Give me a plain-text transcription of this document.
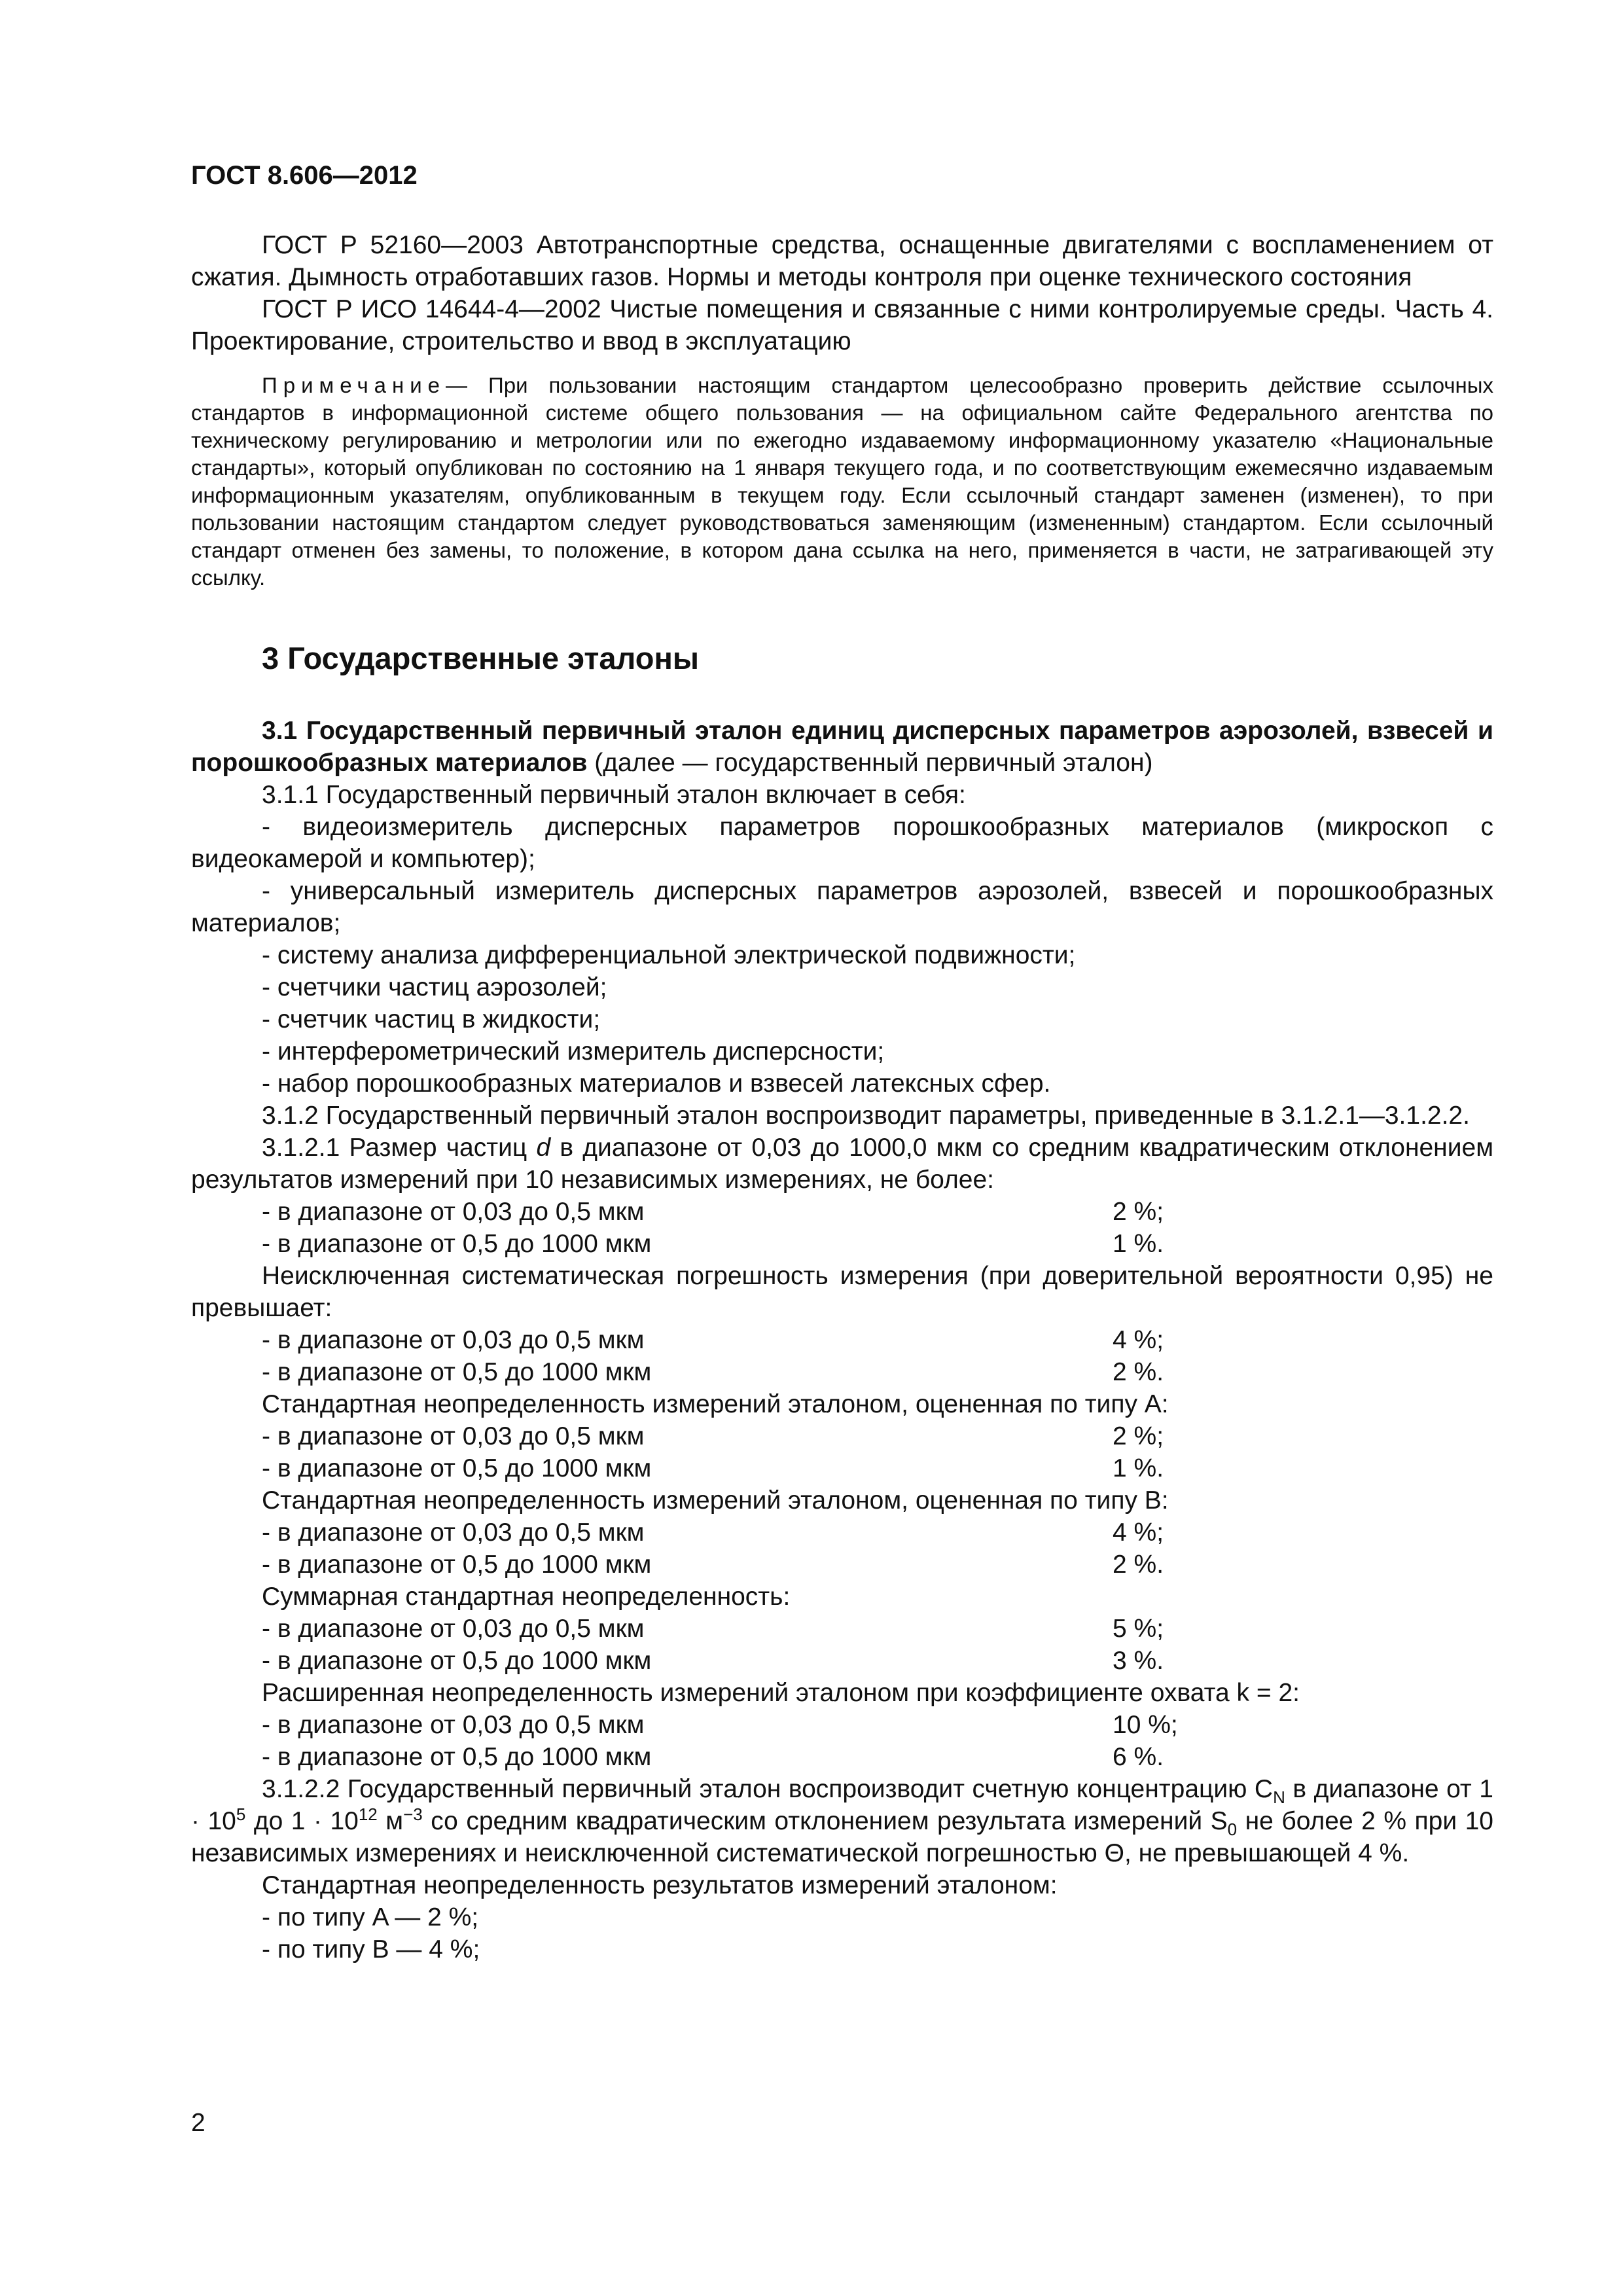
ГОСТ 8.606—2012

ГОСТ Р 52160—2003 Автотранспортные средства, оснащенные двигателями с воспламенением от сжатия. Дымность отработавших газов. Нормы и методы контроля при оценке технического состояния

ГОСТ Р ИСО 14644-4—2002 Чистые помещения и связанные с ними контролируемые среды. Часть 4. Проектирование, строительство и ввод в эксплуатацию

Примечание— При пользовании настоящим стандартом целесообразно проверить действие ссылочных стандартов в информационной системе общего пользования — на официальном сайте Федерального агентства по техническому регулированию и метрологии или по ежегодно издаваемому информационному указателю «Национальные стандарты», который опубликован по состоянию на 1 января текущего года, и по соответствующим ежемесячно издаваемым информационным указателям, опубликованным в текущем году. Если ссылочный стандарт заменен (изменен), то при пользовании настоящим стандартом следует руководствоваться заменяющим (измененным) стандартом. Если ссылочный стандарт отменен без замены, то положение, в котором дана ссылка на него, применяется в части, не затрагивающей эту ссылку.

3 Государственные эталоны

3.1 Государственный первичный эталон единиц дисперсных параметров аэрозолей, взвесей и порошкообразных материалов (далее — государственный первичный эталон)

3.1.1 Государственный первичный эталон включает в себя:

- видеоизмеритель дисперсных параметров порошкообразных материалов (микроскоп с видеокамерой и компьютер);

- универсальный измеритель дисперсных параметров аэрозолей, взвесей и порошкообразных материалов;

- систему анализа дифференциальной электрической подвижности;

- счетчики частиц аэрозолей;

- счетчик частиц в жидкости;

- интерферометрический измеритель дисперсности;

- набор порошкообразных материалов и взвесей латексных сфер.

3.1.2 Государственный первичный эталон воспроизводит параметры, приведенные в 3.1.2.1—3.1.2.2.

3.1.2.1 Размер частиц d в диапазоне от 0,03 до 1000,0 мкм со средним квадратическим отклонением результатов измерений при 10 независимых измерениях, не более:

- в диапазоне от 0,03 до 0,5 мкм	2 %;
- в диапазоне от 0,5 до 1000 мкм	1 %.

Неисключенная систематическая погрешность измерения (при доверительной вероятности 0,95) не превышает:

- в диапазоне от 0,03 до 0,5 мкм	4 %;
- в диапазоне от 0,5 до 1000 мкм	2 %.

Стандартная неопределенность измерений эталоном, оцененная по типу A:

- в диапазоне от 0,03 до 0,5 мкм	2 %;
- в диапазоне от 0,5 до 1000 мкм	1 %.

Стандартная неопределенность измерений эталоном, оцененная по типу B:

- в диапазоне от 0,03 до 0,5 мкм	4 %;
- в диапазоне от 0,5 до 1000 мкм	2 %.

Суммарная стандартная неопределенность:

- в диапазоне от 0,03 до 0,5 мкм	5 %;
- в диапазоне от 0,5 до 1000 мкм	3 %.

Расширенная неопределенность измерений эталоном при коэффициенте охвата k = 2:

- в диапазоне от 0,03 до 0,5 мкм	10 %;
- в диапазоне от 0,5 до 1000 мкм	6 %.

3.1.2.2 Государственный первичный эталон воспроизводит счетную концентрацию $C_N$ в диапазоне от $1 \cdot 10^5$ до $1 \cdot 10^{12}$ $м^{-3}$ со средним квадратическим отклонением результата измерений $S_0$ не более 2 % при 10 независимых измерениях и неисключенной систематической погрешностью Θ, не превышающей 4 %.

Стандартная неопределенность результатов измерений эталоном:

- по типу A — 2 %;

- по типу B — 4 %;

2
